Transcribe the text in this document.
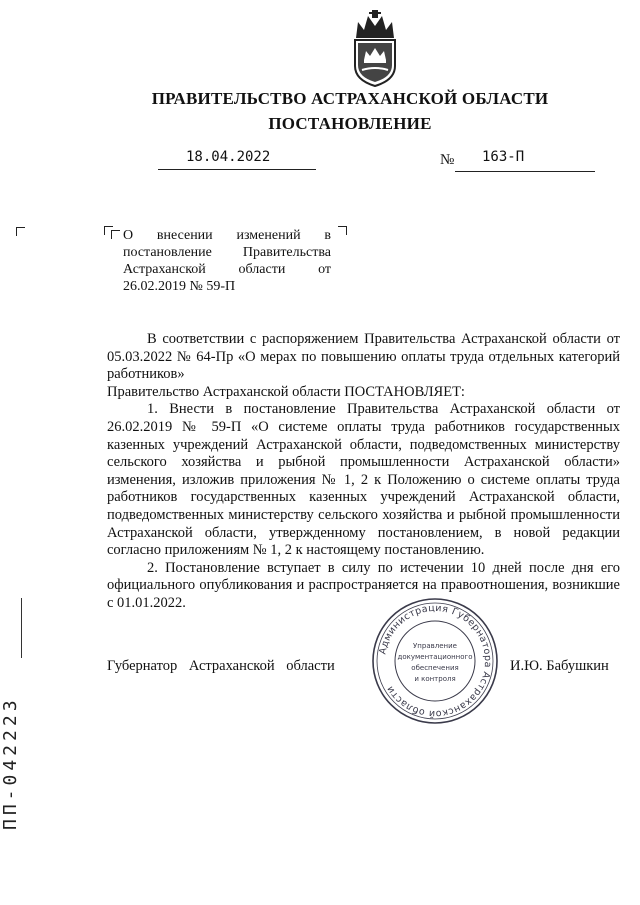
ПРАВИТЕЛЬСТВО АСТРАХАНСКОЙ ОБЛАСТИ
ПОСТАНОВЛЕНИЕ
18.04.2022	№ 163-П
О внесении изменений в постановление Правительства Астраханской области от 26.02.2019 № 59-П

В соответствии с распоряжением Правительства Астраханской области от 05.03.2022 № 64-Пр «О мерах по повышению оплаты труда отдельных категорий работников»

Правительство Астраханской области ПОСТАНОВЛЯЕТ:

1. Внести в постановление Правительства Астраханской области от 26.02.2019 № 59-П «О системе оплаты труда работников государственных казенных учреждений Астраханской области, подведомственных министерству сельского хозяйства и рыбной промышленности Астраханской области» изменения, изложив приложения № 1, 2 к Положению о системе оплаты труда работников государственных казенных учреждений Астраханской области, подведомственных министерству сельского хозяйства и рыбной промышленности Астраханской области, утвержденному постановлением, в новой редакции согласно приложениям № 1, 2 к настоящему постановлению.

2. Постановление вступает в силу по истечении 10 дней после дня его официального опубликования и распространяется на правоотношения, возникшие с 01.01.2022.

Губернатор Астраханской области	И.Ю. Бабушкин
Администрация Губернатора Астраханской области
Управление
документационного
обеспечения
и контроля
ПП-042223
